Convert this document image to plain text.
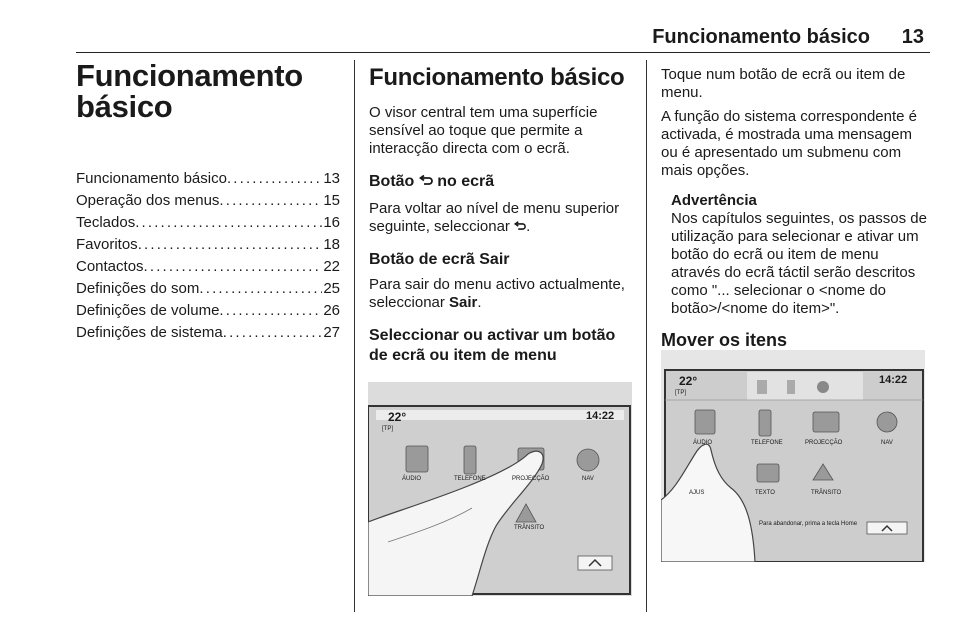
Funcionamento básico 13
Funcionamento
básico
Funcionamento básico . . .	13
Operação dos menus . . .	15
Teclados . . .	16
Favoritos . . .	18
Contactos . . .	22
Definições do som . . .	25
Definições de volume . . .	26
Definições de sistema . . .	27
Funcionamento básico

O visor central tem uma superfície sensível ao toque que permite a interacção directa com o ecrã.

Botão no ecrã

Para voltar ao nível de menu superior seguinte, seleccionar .

Botão de ecrã Sair

Para sair do menu activo actualmente, seleccionar Sair.

Seleccionar ou activar um botão de ecrã ou item de menu
22°
[TP]
14:22
ÁUDIO	TELEFONE	PROJECÇÃO	NAV
TRÂNSITO

Toque num botão de ecrã ou item de menu.

A função do sistema correspondente é activada, é mostrada uma mensagem ou é apresentado um submenu com mais opções.

Advertência

Nos capítulos seguintes, os passos de utilização para selecionar e ativar um botão do ecrã ou item de menu através do ecrã táctil serão descritos como "... selecionar o <nome do botão>/<nome do item>".

Mover os itens
22°
[TP]
14:22
ÁUDIO	TELEFONE	PROJECÇÃO	NAV
AJUS	TEXTO	TRÂNSITO
Para abandonar, prima a tecla Home
